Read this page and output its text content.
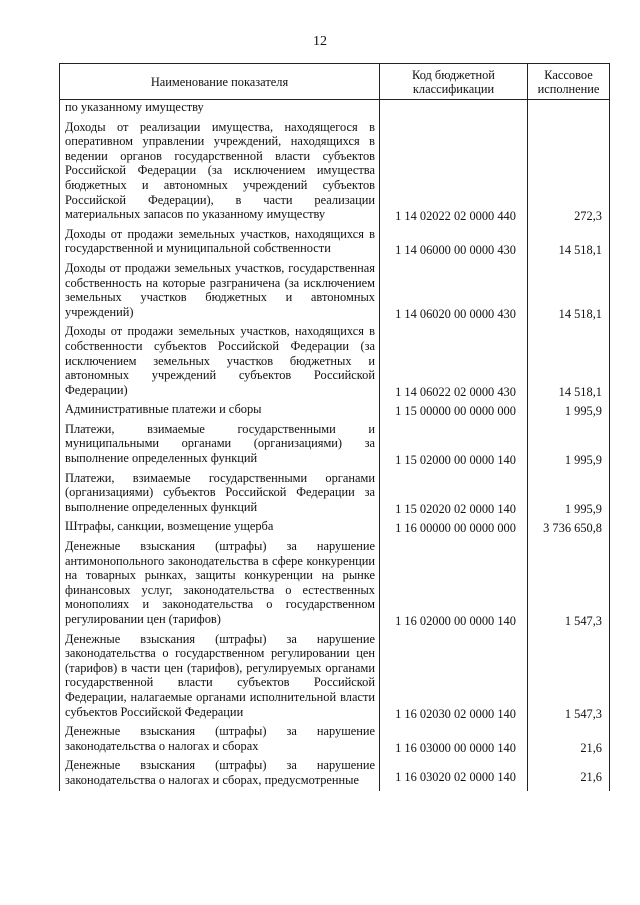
12
Наименование показателя	Код бюджетной классификации	Кассовое исполнение
по указанному имуществу		
Доходы от реализации имущества, находящегося в оперативном управлении учреждений, находящихся в ведении органов государственной власти субъектов Российской Федерации (за исключением имущества бюджетных и автономных учреждений субъектов Российской Федерации), в части реализации материальных запасов по указанному имуществу	1 14 02022 02 0000 440	272,3
Доходы от продажи земельных участков, находящихся в государственной и муниципальной собственности	1 14 06000 00 0000 430	14 518,1
Доходы от продажи земельных участков, государственная собственность на которые разграничена (за исключением земельных участков бюджетных и автономных учреждений)	1 14 06020 00 0000 430	14 518,1
Доходы от продажи земельных участков, находящихся в собственности субъектов Российской Федерации (за исключением земельных участков бюджетных и автономных учреждений субъектов Российской Федерации)	1 14 06022 02 0000 430	14 518,1
Административные платежи и сборы	1 15 00000 00 0000 000	1 995,9
Платежи, взимаемые государственными и муниципальными органами (организациями) за выполнение определенных функций	1 15 02000 00 0000 140	1 995,9
Платежи, взимаемые государственными органами (организациями) субъектов Российской Федерации за выполнение определенных функций	1 15 02020 02 0000 140	1 995,9
Штрафы, санкции, возмещение ущерба	1 16 00000 00 0000 000	3 736 650,8
Денежные взыскания (штрафы) за нарушение антимонопольного законодательства в сфере конкуренции на товарных рынках, защиты конкуренции на рынке финансовых услуг, законодательства о естественных монополиях и законодательства о государственном регулировании цен (тарифов)	1 16 02000 00 0000 140	1 547,3
Денежные взыскания (штрафы) за нарушение законодательства о государственном регулировании цен (тарифов) в части цен (тарифов), регулируемых органами государственной власти субъектов Российской Федерации, налагаемые органами исполнительной власти субъектов Российской Федерации	1 16 02030 02 0000 140	1 547,3
Денежные взыскания (штрафы) за нарушение законодательства о налогах и сборах	1 16 03000 00 0000 140	21,6
Денежные взыскания (штрафы) за нарушение законодательства о налогах и сборах, предусмотренные	1 16 03020 02 0000 140	21,6
